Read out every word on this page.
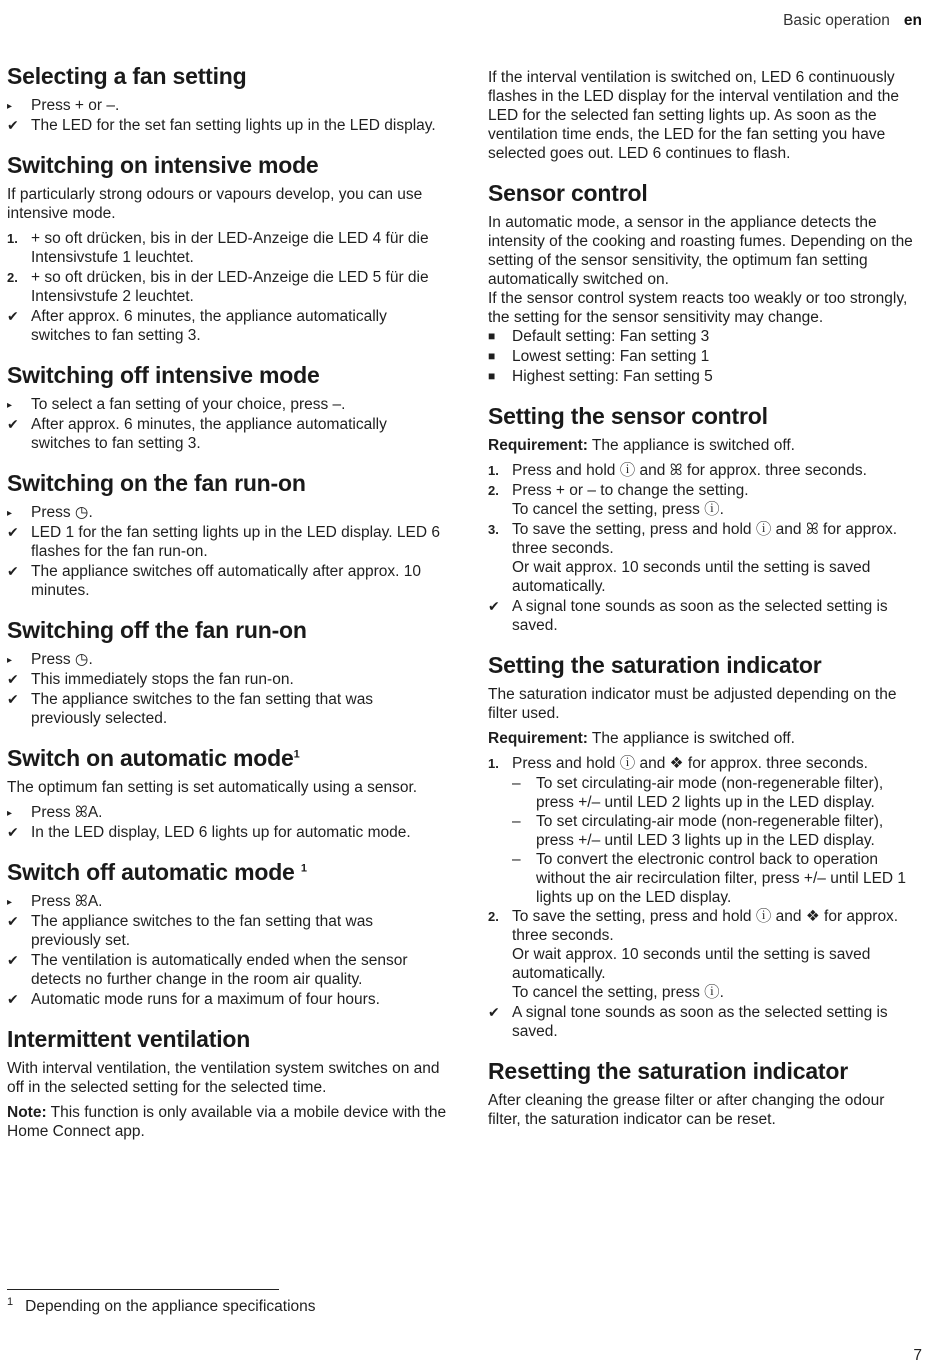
Basic operation en
Selecting a fan setting
▸	Press + or –.
✔ The LED for the set fan setting lights up in the LED display.
Switching on intensive mode

If particularly strong odours or vapours develop, you can use intensive mode.

1. + so oft drücken, bis in der LED-Anzeige die LED 4 für die Intensivstufe 1 leuchtet.
2. + so oft drücken, bis in der LED-Anzeige die LED 5 für die Intensivstufe 2 leuchtet.
✔ After approx. 6 minutes, the appliance automatically switches to fan setting 3.
Switching off intensive mode
▸	To select a fan setting of your choice, press –.
✔ After approx. 6 minutes, the appliance automatically switches to fan setting 3.
Switching on the fan run-on
▸	Press ◷.
✔ LED 1 for the fan setting lights up in the LED display. LED 6 flashes for the fan run-on.
✔ The appliance switches off automatically after approx. 10 minutes.
Switching off the fan run-on
▸	Press ◷.
✔ This immediately stops the fan run-on.
✔ The appliance switches to the fan setting that was previously selected.
Switch on automatic mode$^1$

The optimum fan setting is set automatically using a sensor.

▸	Press ꕤA.
✔ In the LED display, LED 6 lights up for automatic mode.
Switch off automatic mode $^1$
▸	Press ꕤA.
✔ The appliance switches to the fan setting that was previously set.
✔ The ventilation is automatically ended when the sensor detects no further change in the room air quality.
✔ Automatic mode runs for a maximum of four hours.
Intermittent ventilation

With interval ventilation, the ventilation system switches on and off in the selected setting for the selected time.

Note: This function is only available via a mobile device with the Home Connect app.

If the interval ventilation is switched on, LED 6 continuously flashes in the LED display for the interval ventilation and the LED for the selected fan setting lights up. As soon as the ventilation time ends, the LED for the fan setting you have selected goes out. LED 6 continues to flash.

Sensor control

In automatic mode, a sensor in the appliance detects the intensity of the cooking and roasting fumes. Depending on the setting of the sensor sensitivity, the optimum fan setting automatically switched on.

If the sensor control system reacts too weakly or too strongly, the setting for the sensor sensitivity may change.

■	Default setting: Fan setting 3
■	Lowest setting: Fan setting 1
■	Highest setting: Fan setting 5
Setting the sensor control

Requirement: The appliance is switched off.

1. Press and hold ⓘ and ꕤ for approx. three seconds.
2. Press + or – to change the setting.
To cancel the setting, press ⓘ.
3. To save the setting, press and hold ⓘ and ꕤ for approx. three seconds.
Or wait approx. 10 seconds until the setting is saved automatically.
✔ A signal tone sounds as soon as the selected setting is saved.
Setting the saturation indicator

The saturation indicator must be adjusted depending on the filter used.

Requirement: The appliance is switched off.

1. Press and hold ⓘ and ❖ for approx. three seconds.
– To set circulating-air mode (non-regenerable filter), press +/– until LED 2 lights up in the LED display.
– To set circulating-air mode (non-regenerable filter), press +/– until LED 3 lights up in the LED display.
– To convert the electronic control back to operation without the air recirculation filter, press +/– until LED 1 lights up on the LED display.
2. To save the setting, press and hold ⓘ and ❖ for approx. three seconds.
Or wait approx. 10 seconds until the setting is saved automatically.
To cancel the setting, press ⓘ.
✔ A signal tone sounds as soon as the selected setting is saved.
Resetting the saturation indicator

After cleaning the grease filter or after changing the odour filter, the saturation indicator can be reset.

$^1$ Depending on the appliance specifications
7
